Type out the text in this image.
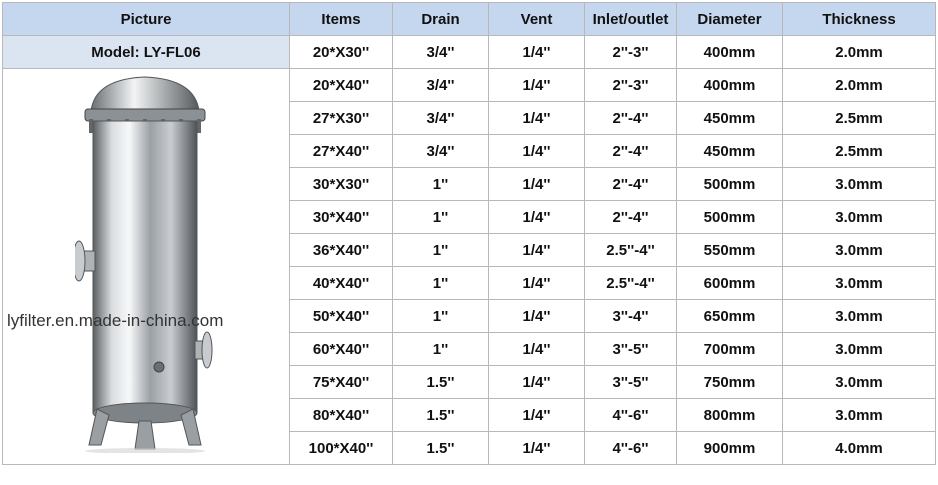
Picture	Items	Drain	Vent	Inlet/outlet	Diameter	Thickness
Model: LY-FL06	20*X30''	3/4''	1/4''	2''-3''	400mm	2.0mm

lyfilter.en.made-in-china.com	20*X40''	3/4''	1/4''	2''-3''	400mm	2.0mm
	27*X30''	3/4''	1/4''	2''-4''	450mm	2.5mm
	27*X40''	3/4''	1/4''	2''-4''	450mm	2.5mm
	30*X30''	1''	1/4''	2''-4''	500mm	3.0mm
	30*X40''	1''	1/4''	2''-4''	500mm	3.0mm
	36*X40''	1''	1/4''	2.5''-4''	550mm	3.0mm
	40*X40''	1''	1/4''	2.5''-4''	600mm	3.0mm
	50*X40''	1''	1/4''	3''-4''	650mm	3.0mm
	60*X40''	1''	1/4''	3''-5''	700mm	3.0mm
	75*X40''	1.5''	1/4''	3''-5''	750mm	3.0mm
	80*X40''	1.5''	1/4''	4''-6''	800mm	3.0mm
	100*X40''	1.5''	1/4''	4''-6''	900mm	4.0mm
